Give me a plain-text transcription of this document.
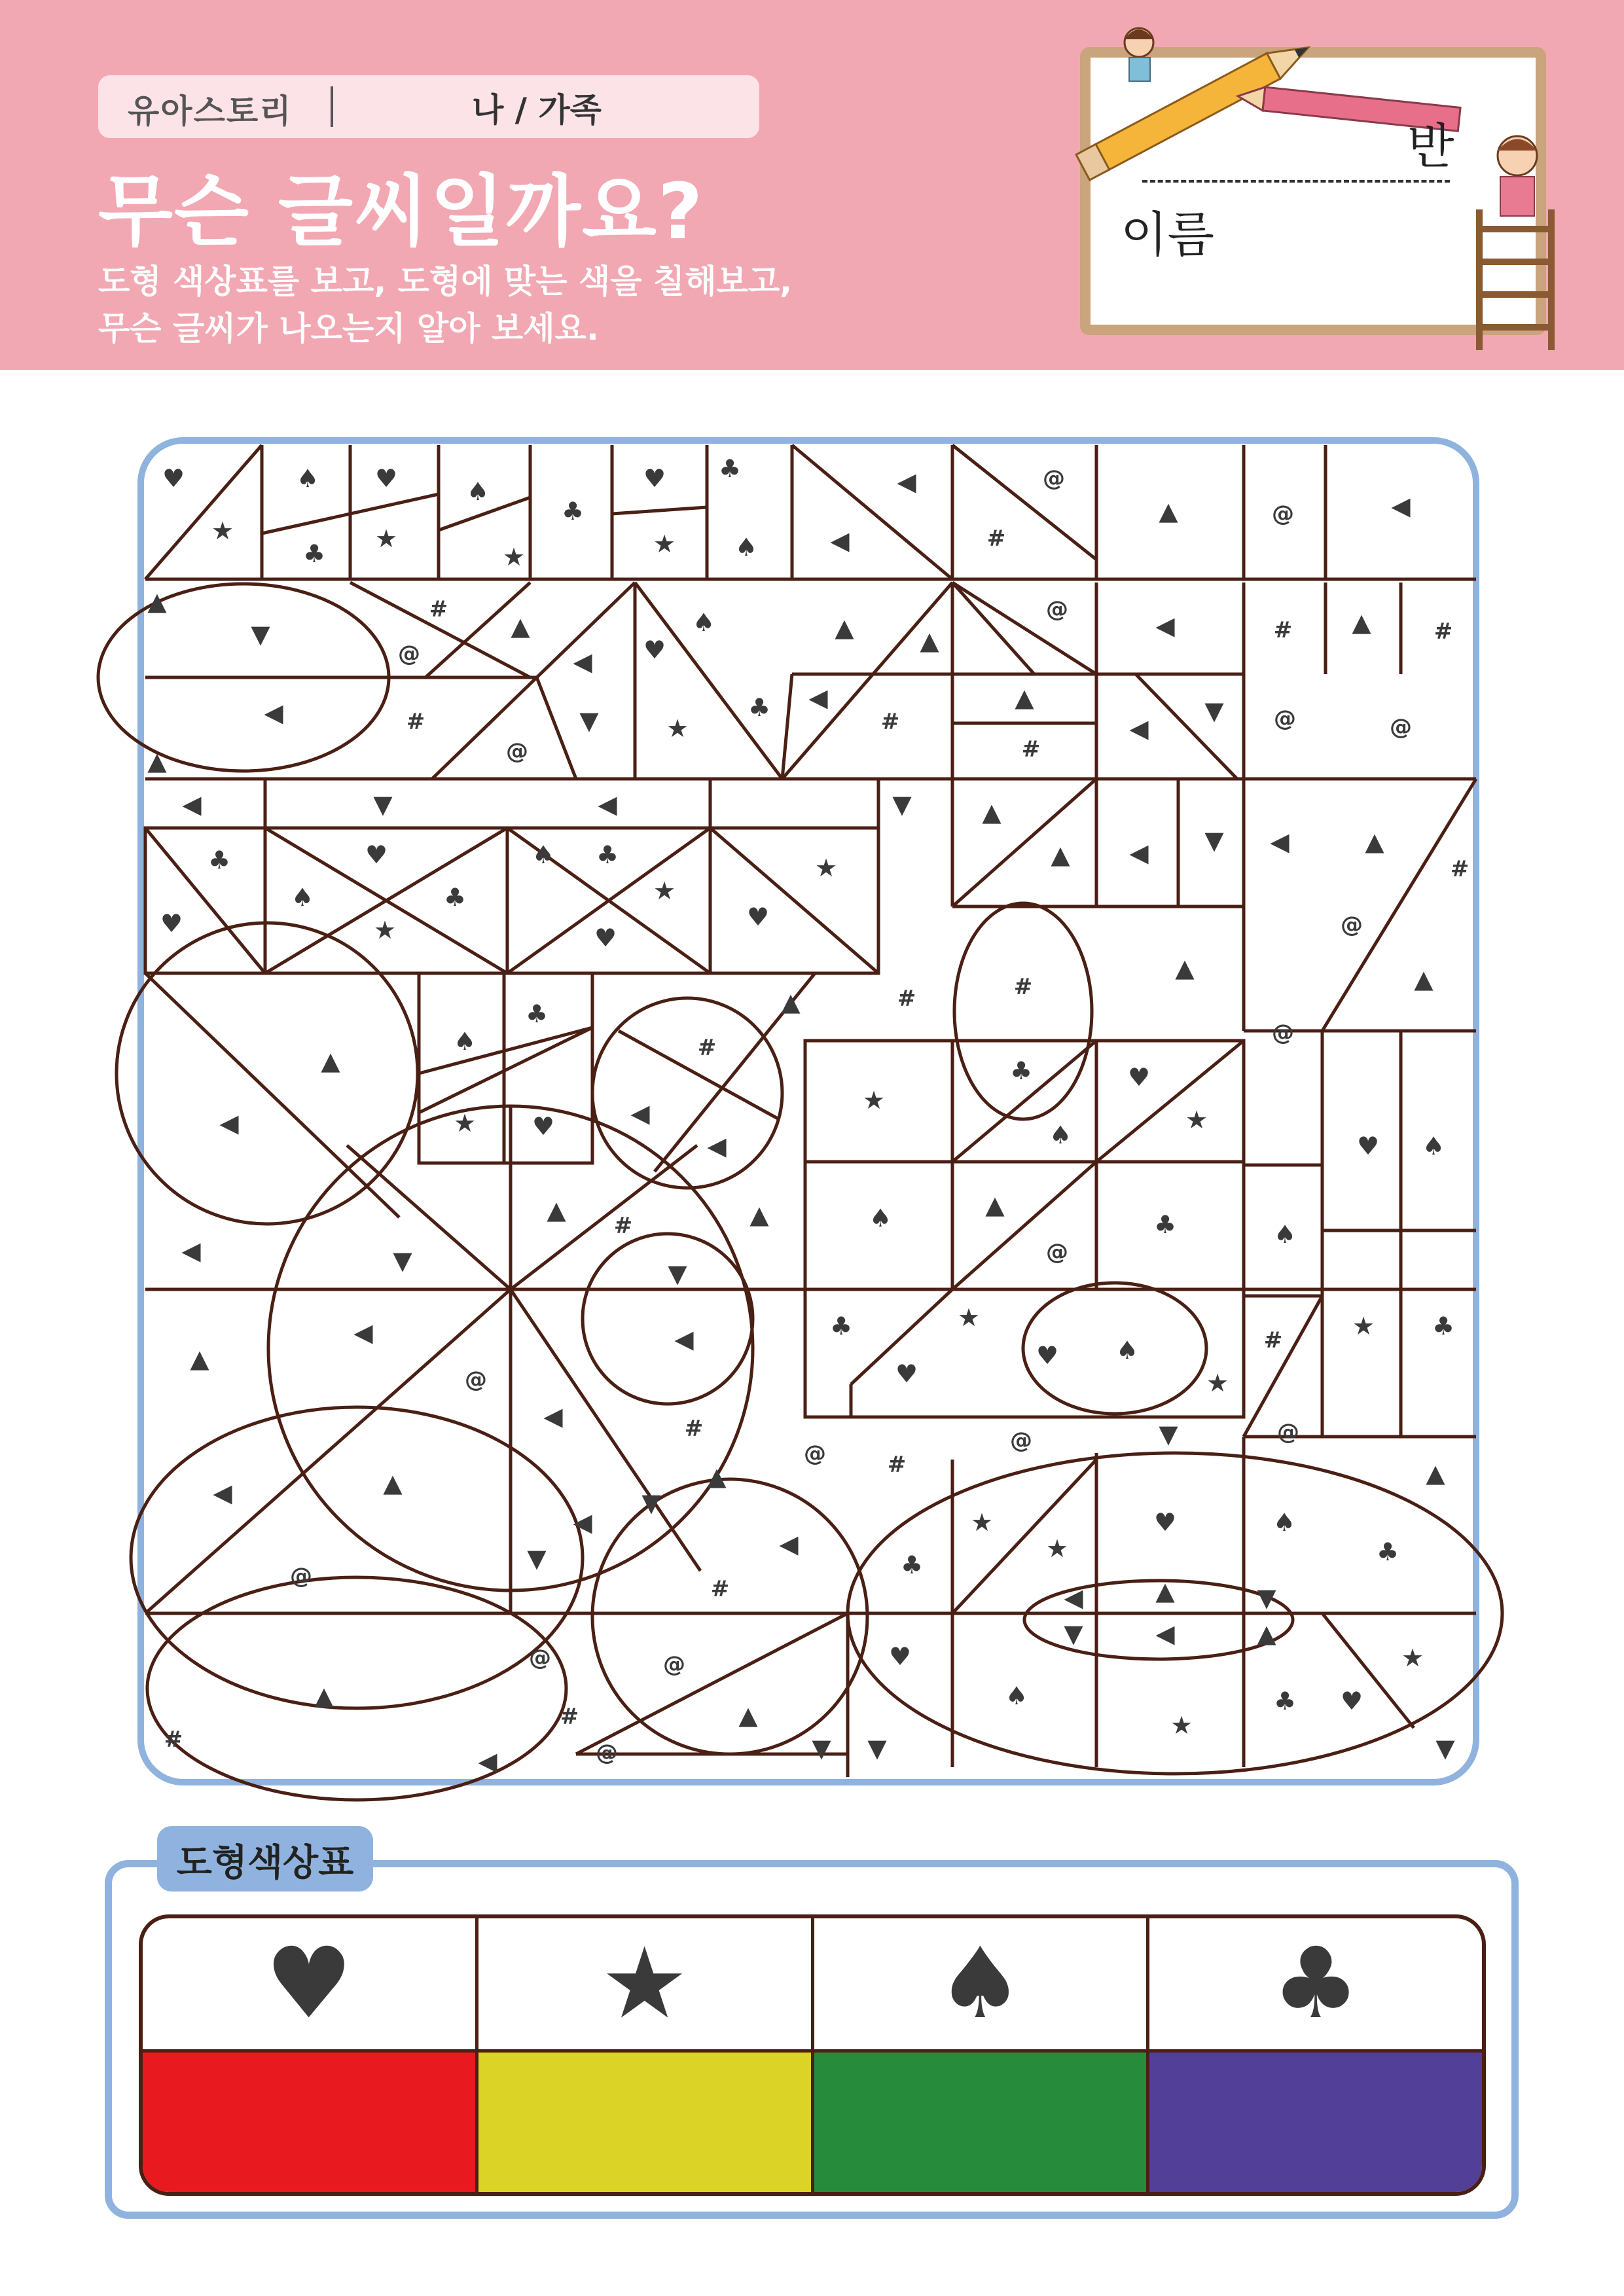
유아스토리	나 / 가족
무슨 글씨일까요?
도형 색상표를 보고, 도형에 맞는 색을 칠해보고,
무슨 글씨가 나오는지 알아 보세요.
반
이름
♥	♠ ♥	♠	♥ ♣
★
♣
★
★
♣
★ ♠
◀
◀
@
#
▲	@	◀
▲
▼
◀
▲
@
#
▲
◀ ♥
♠
#
@
▼	★
♣
▲	▲
◀
#
@
▲
#
◀	# ▲	#
◀
▼ @	@
◀	▼	◀	▼
♣	♥	♠ ♣	★
♥
♠
★
♣	★
♥
♥
▲
▲ ◀ ▼ ◀	▲
#
@
▲	▲
▲
◀
◀
♠
♣
★ ♥
#
◀
◀
▲	#	#
♣	♥
★
♠
@
★
♥ ♠
▲
#	▲
▼	▼
◀
♠	▲
@
♣	♠
★ ♣
♣	★
♥
♥ ♠
★
#
@
▲
◀
@
◀	#
@	#
@	▼
▲
◀	▲
@
▼
▼
▲
◀
#
◀	★
★
♣
♥	♠
♣
◀	▲	▼
▼	◀	▲
▲
#
@	@
#
◀	@
▲
▼ ▼
♥
♠
★
♣ ♥
★
▼
도형색상표
♥	★	♠	♣
